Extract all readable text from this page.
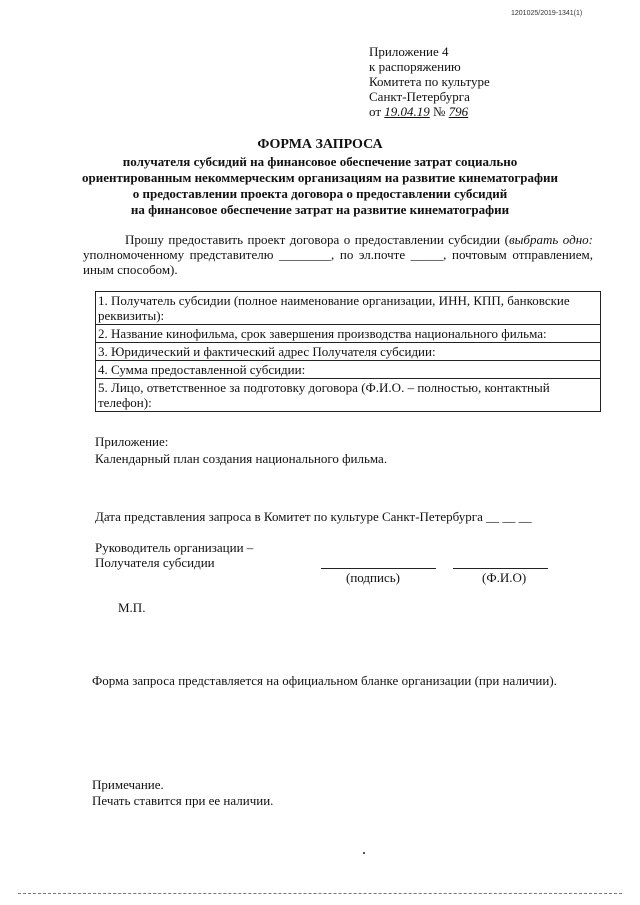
1201025/2019-1341(1)
Приложение 4
к распоряжению
Комитета по культуре
Санкт-Петербурга
от 19.04.19 № 796
ФОРМА ЗАПРОСА
получателя субсидий на финансовое обеспечение затрат социально
ориентированным некоммерческим организациям на развитие кинематографии
о предоставлении проекта договора о предоставлении субсидий
на финансовое обеспечение затрат на развитие кинематографии

Прошу предоставить проект договора о предоставлении субсидии (выбрать одно: уполномоченному представителю ________, по эл.почте _____, почтовым отправлением, иным способом).

1. Получатель субсидии (полное наименование организации, ИНН, КПП, банковские реквизиты):
2. Название кинофильма, срок завершения производства национального фильма:
3. Юридический и фактический адрес Получателя субсидии:
4. Сумма предоставленной субсидии:
5. Лицо, ответственное за подготовку договора (Ф.И.О. – полностью, контактный телефон):
Приложение:
Календарный план создания национального фильма.
Дата представления запроса в Комитет по культуре Санкт-Петербурга __ __ __
Руководитель организации –
Получателя субсидии
(подпись)	(Ф.И.О)
М.П.
Форма запроса представляется на официальном бланке организации (при наличии).
Примечание.
Печать ставится при ее наличии.
